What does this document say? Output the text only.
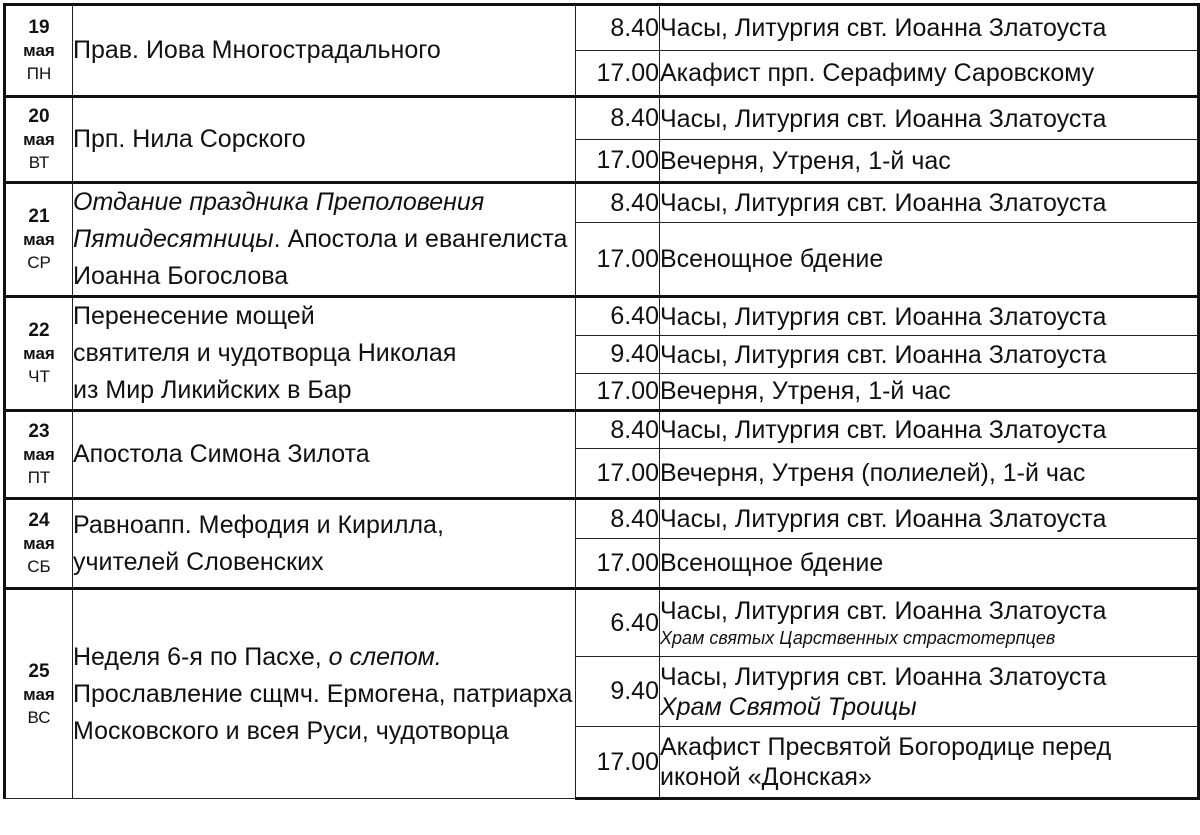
19
мая
ПН	Прав. Иова Многострадального	8.40	Часы, Литургия свт. Иоанна Златоуста
		17.00	Акафист прп. Серафиму Саровскому

20
мая
ВТ	Прп. Нила Сорского	8.40	Часы, Литургия свт. Иоанна Златоуста
		17.00	Вечерня, Утреня, 1-й час

21
мая
СР	Отдание праздника Преполовения Пятидесятницы. Апостола и евангелиста Иоанна Богослова	8.40	Часы, Литургия свт. Иоанна Златоуста
		17.00	Всенощное бдение

22
мая
ЧТ	Перенесение мощей
святителя и чудотворца Николая
из Мир Ликийских в Бар	6.40	Часы, Литургия свт. Иоанна Златоуста
		9.40	Часы, Литургия свт. Иоанна Златоуста
		17.00	Вечерня, Утреня, 1-й час

23
мая
ПТ	Апостола Симона Зилота	8.40	Часы, Литургия свт. Иоанна Златоуста
		17.00	Вечерня, Утреня (полиелей), 1-й час

24
мая
СБ	Равноапп. Мефодия и Кирилла,
учителей Словенских	8.40	Часы, Литургия свт. Иоанна Златоуста
		17.00	Всенощное бдение

25
мая
ВС	Неделя 6-я по Пасхе, о слепом. Прославление сщмч. Ермогена, патриарха Московского и всея Руси, чудотворца	6.40	Часы, Литургия свт. Иоанна Златоуста
Храм святых Царственных страстотерпцев

		9.40	Часы, Литургия свт. Иоанна Златоуста
Храм Святой Троицы

		17.00	Акафист Пресвятой Богородице перед иконой «Донская»
